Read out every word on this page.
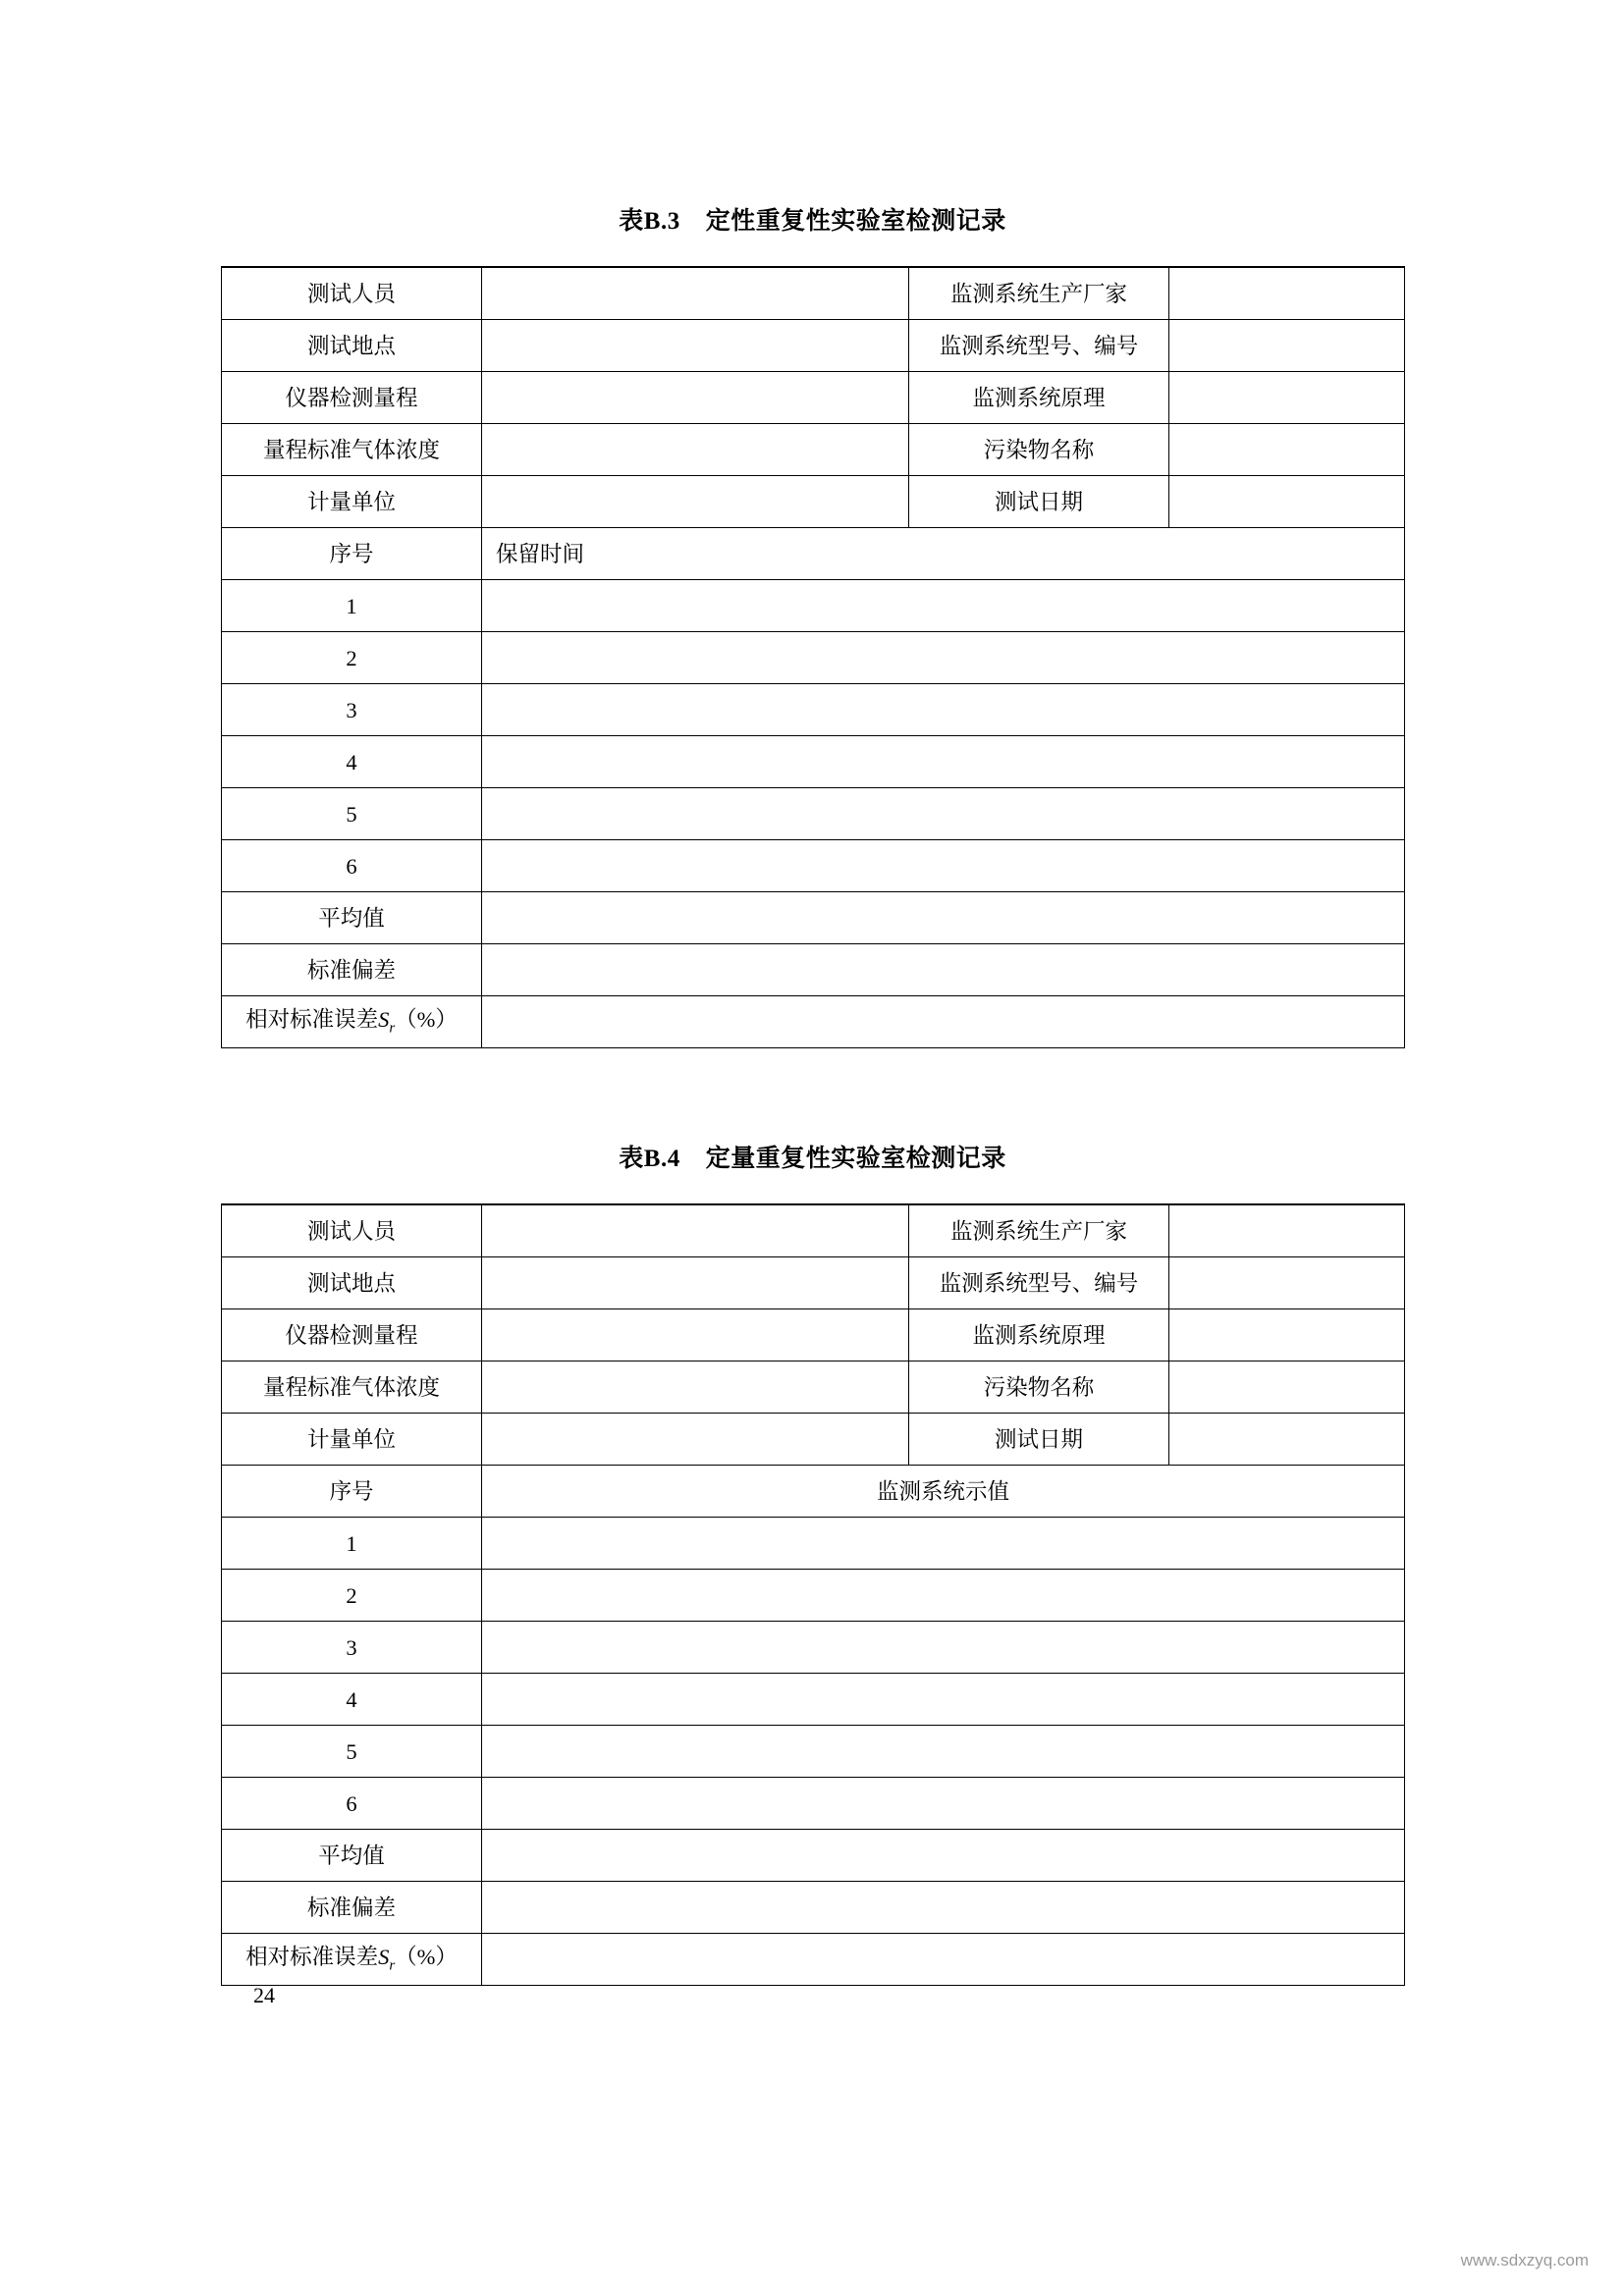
表B.3 定性重复性实验室检测记录
测试人员		监测系统生产厂家	
测试地点		监测系统型号、编号	
仪器检测量程		监测系统原理	
量程标准气体浓度		污染物名称	
计量单位		测试日期	
序号	保留时间		
1			
2			
3			
4			
5			
6			
平均值			
标准偏差			
相对标准误差$S_r(\%)$			
表B.4 定量重复性实验室检测记录
测试人员		监测系统生产厂家	
测试地点		监测系统型号、编号	
仪器检测量程		监测系统原理	
量程标准气体浓度		污染物名称	
计量单位		测试日期	
序号	监测系统示值		
1			
2			
3			
4			
5			
6			
平均值			
标准偏差			
相对标准误差$S_r(\%)$			
24
www.sdxzyq.com
